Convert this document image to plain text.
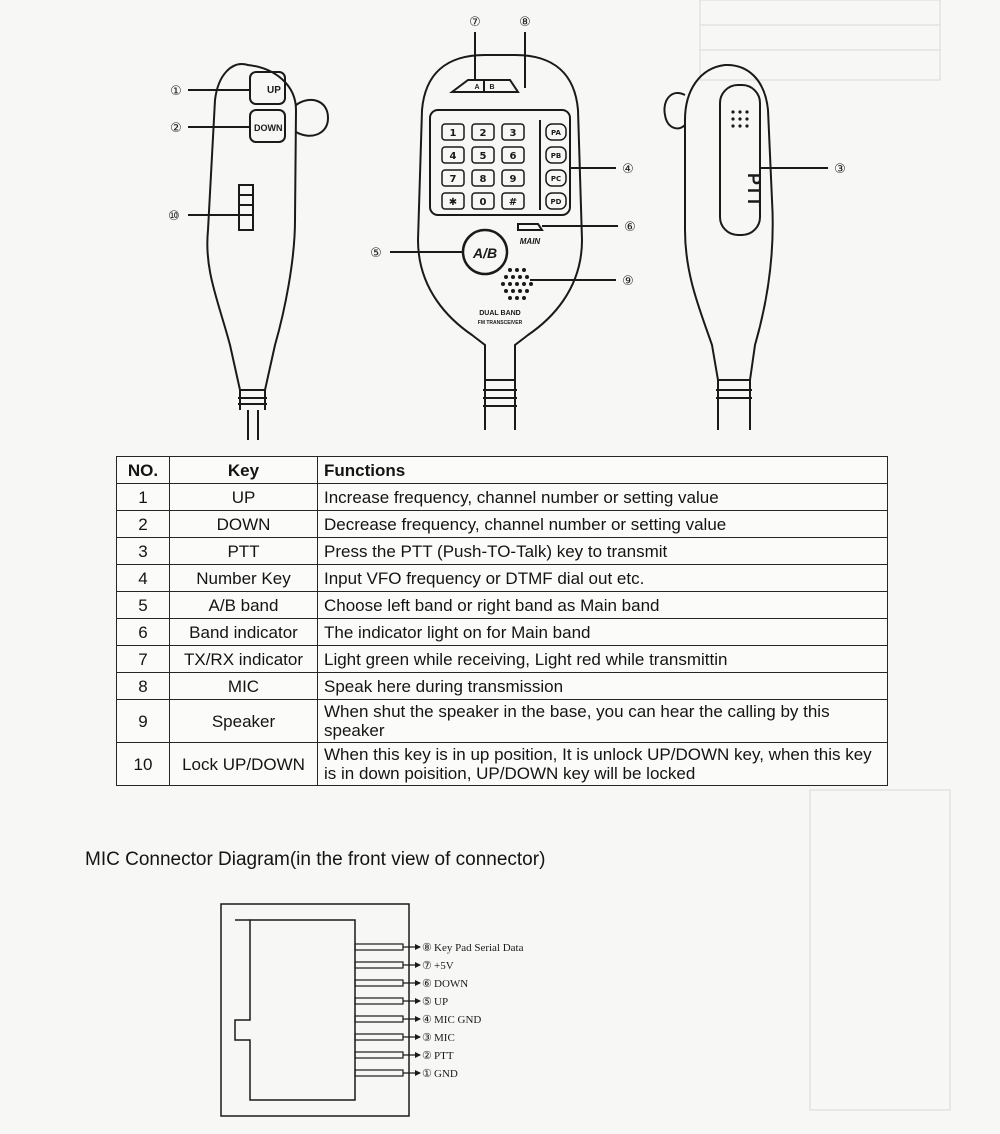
1 2 3	PA
4 5 6	PB
7 8 9	PC
✱ 0 #	PD
UP
DOWN
PTT
A/B
MAIN
A B
DUAL BAND
FM TRANSCEIVER
①
②
③
④
⑤
⑥
⑦	⑧
⑨
⑩
NO.	Key	Functions
1	UP	Increase frequency, channel number or setting value
2	DOWN	Decrease frequency, channel number or setting value
3	PTT	Press the PTT (Push-TO-Talk) key to transmit
4	Number Key	Input VFO frequency or DTMF dial out etc.
5	A/B band	Choose left band or right band as Main band
6	Band indicator	The indicator light on for Main band
7	TX/RX indicator	Light green while receiving, Light red while transmittin
8	MIC	Speak here during transmission
9	Speaker	When shut the speaker in the base, you can hear the calling by this speaker
10	Lock UP/DOWN	When this key is in up position, It is unlock UP/DOWN key, when this key is in down poisition, UP/DOWN key will be locked
MIC Connector Diagram(in the front view of connector)
⑧ Key Pad Serial Data
⑦ +5V
⑥ DOWN
⑤ UP
④ MIC GND
③ MIC
② PTT
① GND
